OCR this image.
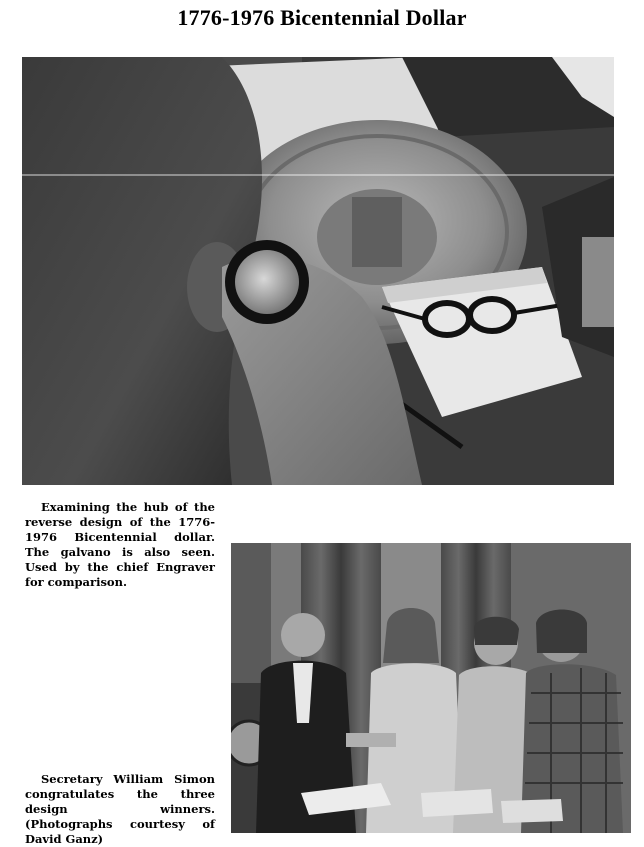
1776-1976 Bicentennial Dollar
Examining the hub of the reverse design of the 1776-1976 Bicentennial dollar. The galvano is also seen. Used by the chief Engraver for comparison.
Secretary William Simon congratulates the three design winners. (Photographs courtesy of David Ganz)
